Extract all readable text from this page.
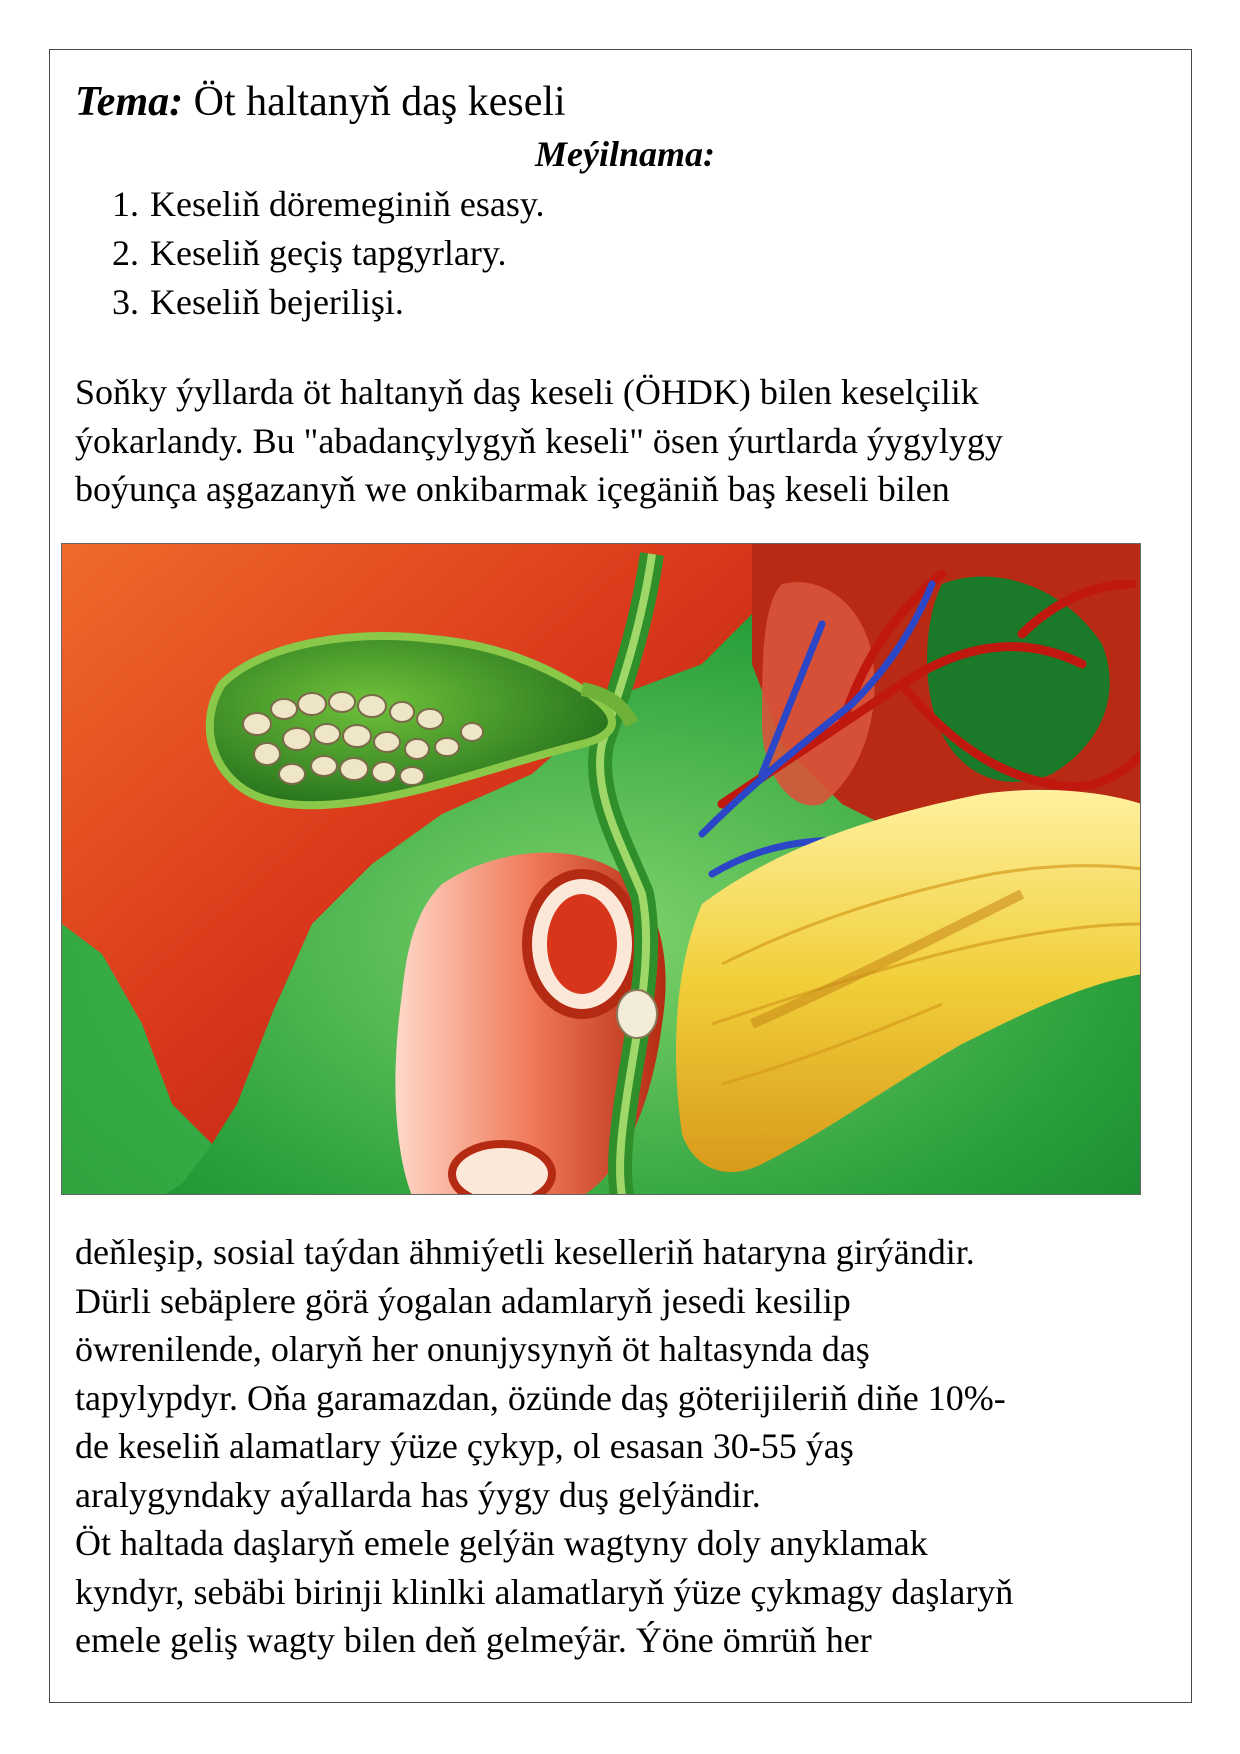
Tema: Öt haltanyň daş keseli
Meýilnama:
1. Keseliň döremeginiň esasy.
2. Keseliň geçiş tapgyrlary.
3. Keseliň bejerilişi.

Soňky ýyllarda öt haltanyň daş keseli (ÖHDK) bilen keselçilik
ýokarlandy. Bu "abadançylygyň keseli" ösen ýurtlarda ýygylygy
boýunça aşgazanyň we onkibarmak içegäniň baş keseli bilen

deňleşip, sosial taýdan ähmiýetli keselleriň hataryna girýändir.
Dürli sebäplere görä ýogalan adamlaryň jesedi kesilip
öwrenilende, olaryň her onunjysynyň öt haltasynda daş
tapylypdyr. Oňa garamazdan, özünde daş göterijileriň diňe 10%-
de keseliň alamatlary ýüze çykyp, ol esasan 30-55 ýaş
aralygyndaky aýallarda has ýygy duş gelýändir.
Öt haltada daşlaryň emele gelýän wagtyny doly anyklamak
kyndyr, sebäbi birinji klinlki alamatlaryň ýüze çykmagy daşlaryň
emele geliş wagty bilen deň gelmeýär. Ýöne ömrüň her
